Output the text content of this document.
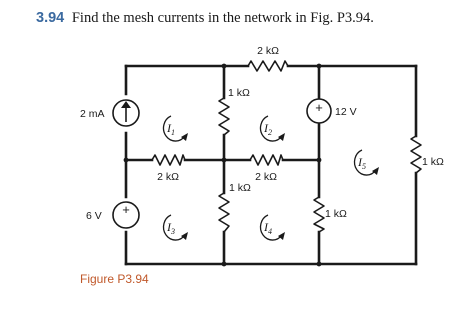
3.94 Find the mesh currents in the network in Fig. P3.94.
2 kΩ
1 kΩ
2 kΩ	2 kΩ
1 kΩ
1 kΩ
1 kΩ
2 mA
+
6 V
+ 12 V
$I_1$	$I_2$
$I_5$
$I_3$	$I_4$
Figure P3.94
